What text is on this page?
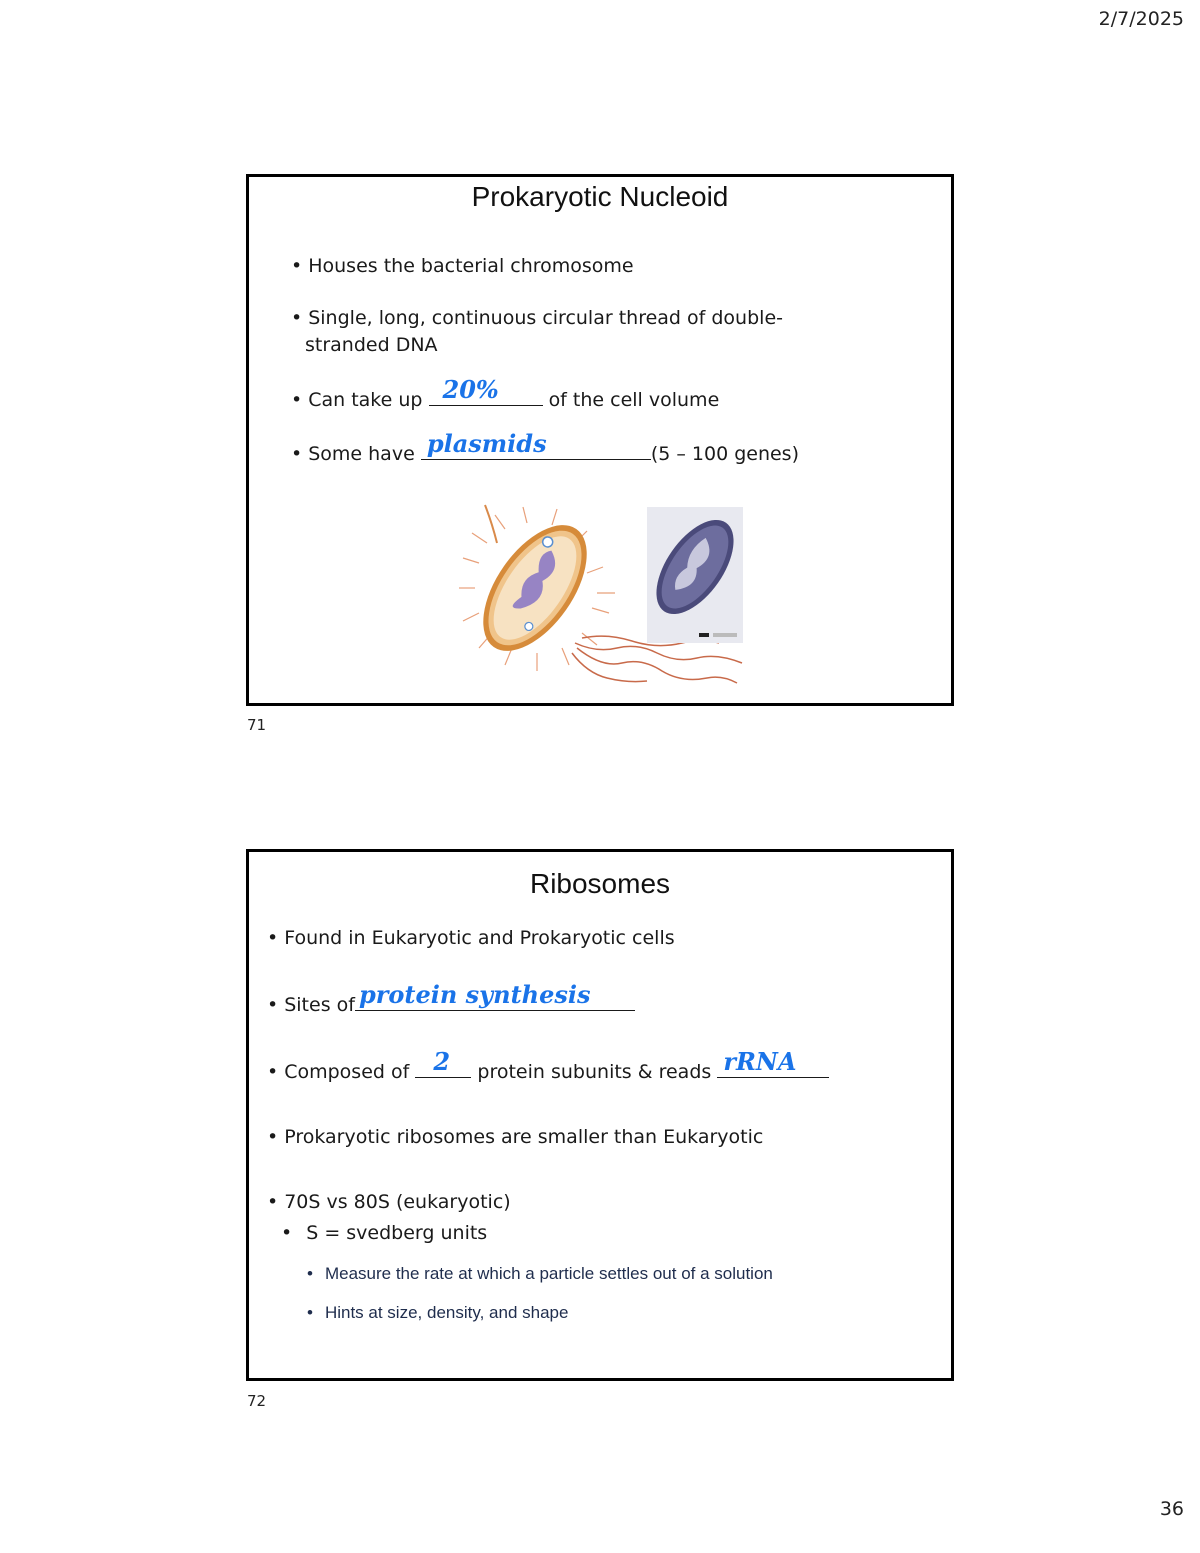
2/7/2025
Prokaryotic Nucleoid
• Houses the bacterial chromosome
• Single, long, continuous circular thread of double-
stranded DNA
• Can take up 20%	of the cell volume
• Some have plasmids	(5 – 100 genes)
71
Ribosomes
• Found in Eukaryotic and Prokaryotic cells
• Sites of protein synthesis
• Composed of 2 protein subunits & reads rRNA
• Prokaryotic ribosomes are smaller than Eukaryotic
• 70S vs 80S (eukaryotic)
• S = svedberg units
• Measure the rate at which a particle settles out of a solution
• Hints at size, density, and shape
72
36
